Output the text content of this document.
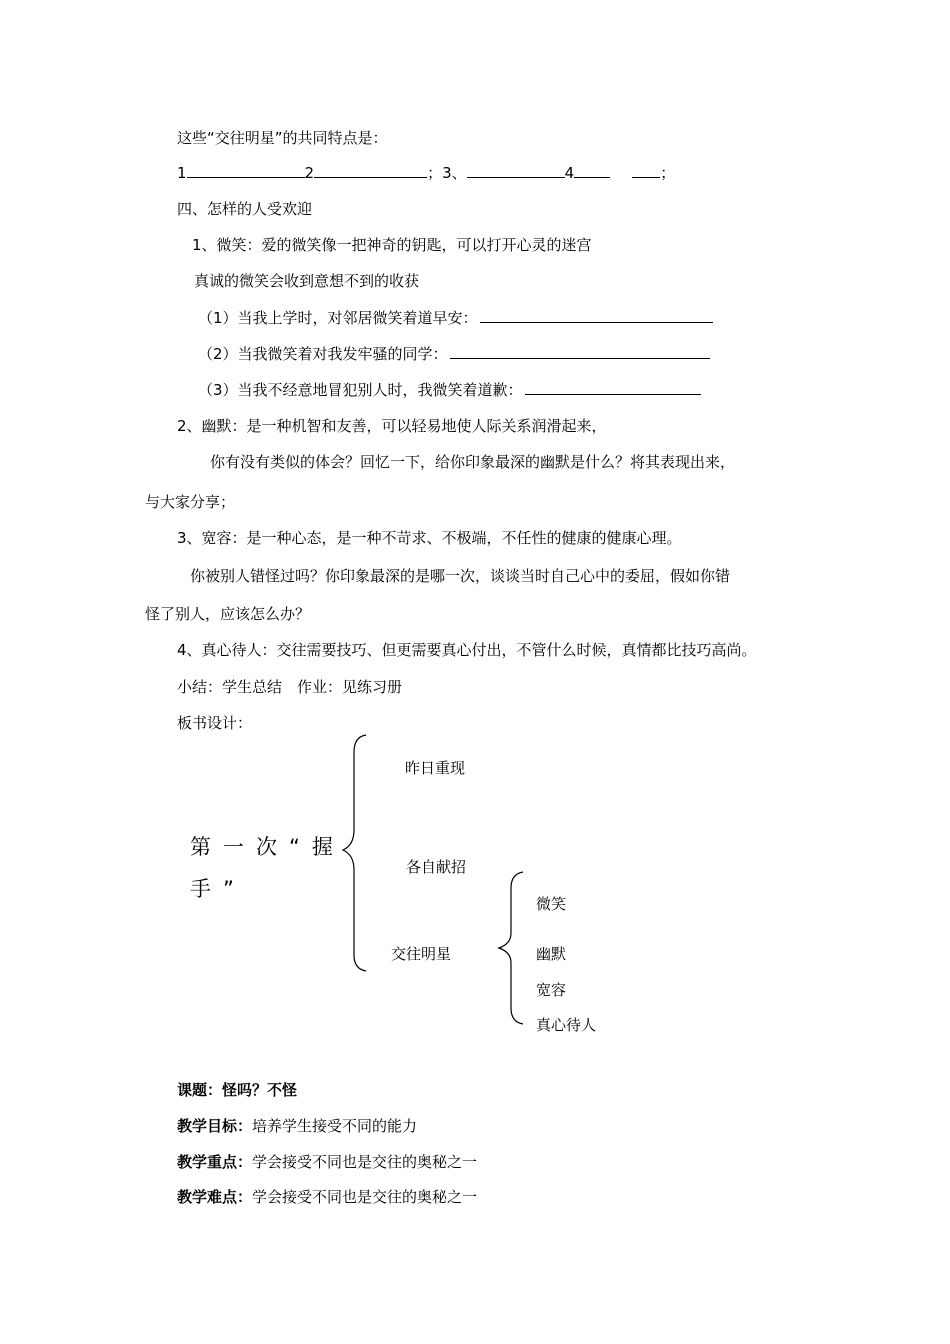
这些“交往明星”的共同特点是：
1	2	；3、	4	；
四、怎样的人受欢迎
1、微笑：爱的微笑像一把神奇的钥匙，可以打开心灵的迷宫
真诚的微笑会收到意想不到的收获
（1）当我上学时，对邻居微笑着道早安：
（2）当我微笑着对我发牢骚的同学：
（3）当我不经意地冒犯别人时，我微笑着道歉：
2、幽默：是一种机智和友善，可以轻易地使人际关系润滑起来，
你有没有类似的体会？回忆一下，给你印象最深的幽默是什么？将其表现出来，
与大家分享；
3、宽容：是一种心态，是一种不苛求、不极端，不任性的健康的健康心理。
你被别人错怪过吗？你印象最深的是哪一次，谈谈当时自己心中的委屈，假如你错
怪了别人，应该怎么办？
4、真心待人：交往需要技巧、但更需要真心付出，不管什么时候，真情都比技巧高尚。
小结：学生总结　作业：见练习册
板书设计：
第一次“握
手”
昨日重现
各自献招
交往明星
微笑
幽默
宽容
真心待人
课题：怪吗？不怪
教学目标：培养学生接受不同的能力
教学重点：学会接受不同也是交往的奥秘之一
教学难点：学会接受不同也是交往的奥秘之一
